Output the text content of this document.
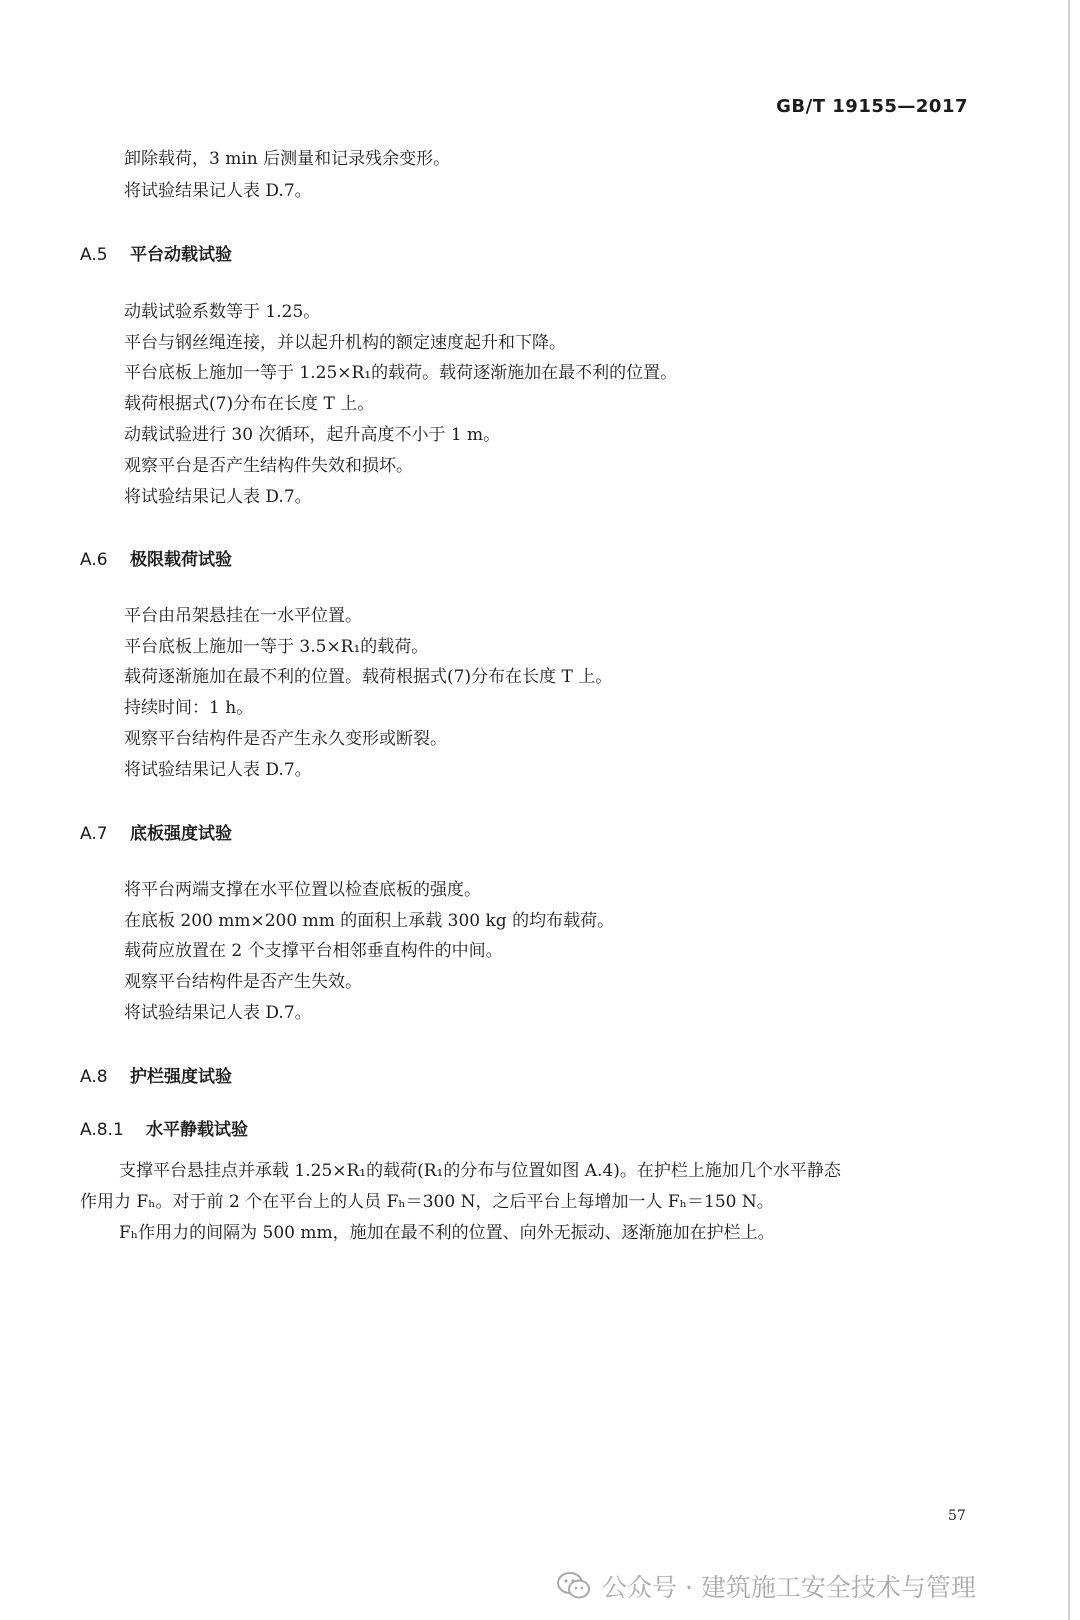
GB/T 19155—2017
卸除载荷，3 min 后测量和记录残余变形。
将试验结果记人表 D.7。
A.5 平台动载试验
动载试验系数等于 1.25。
平台与钢丝绳连接，并以起升机构的额定速度起升和下降。
平台底板上施加一等于 1.25×R₁的载荷。载荷逐渐施加在最不利的位置。
载荷根据式(7)分布在长度 T 上。
动载试验进行 30 次循环，起升高度不小于 1 m。
观察平台是否产生结构件失效和损坏。
将试验结果记人表 D.7。
A.6 极限载荷试验
平台由吊架悬挂在一水平位置。
平台底板上施加一等于 3.5×R₁的载荷。
载荷逐渐施加在最不利的位置。载荷根据式(7)分布在长度 T 上。
持续时间：1 h。
观察平台结构件是否产生永久变形或断裂。
将试验结果记人表 D.7。
A.7 底板强度试验
将平台两端支撑在水平位置以检查底板的强度。
在底板 200 mm×200 mm 的面积上承载 300 kg 的均布载荷。
载荷应放置在 2 个支撑平台相邻垂直构件的中间。
观察平台结构件是否产生失效。
将试验结果记人表 D.7。
A.8 护栏强度试验
A.8.1 水平静载试验
支撑平台悬挂点并承载 1.25×R₁的载荷(R₁的分布与位置如图 A.4)。在护栏上施加几个水平静态
作用力 Fₕ。对于前 2 个在平台上的人员 Fₕ＝300 N，之后平台上每增加一人 Fₕ＝150 N。
Fₕ作用力的间隔为 500 mm，施加在最不利的位置、向外无振动、逐渐施加在护栏上。
57
公众号 · 建筑施工安全技术与管理
